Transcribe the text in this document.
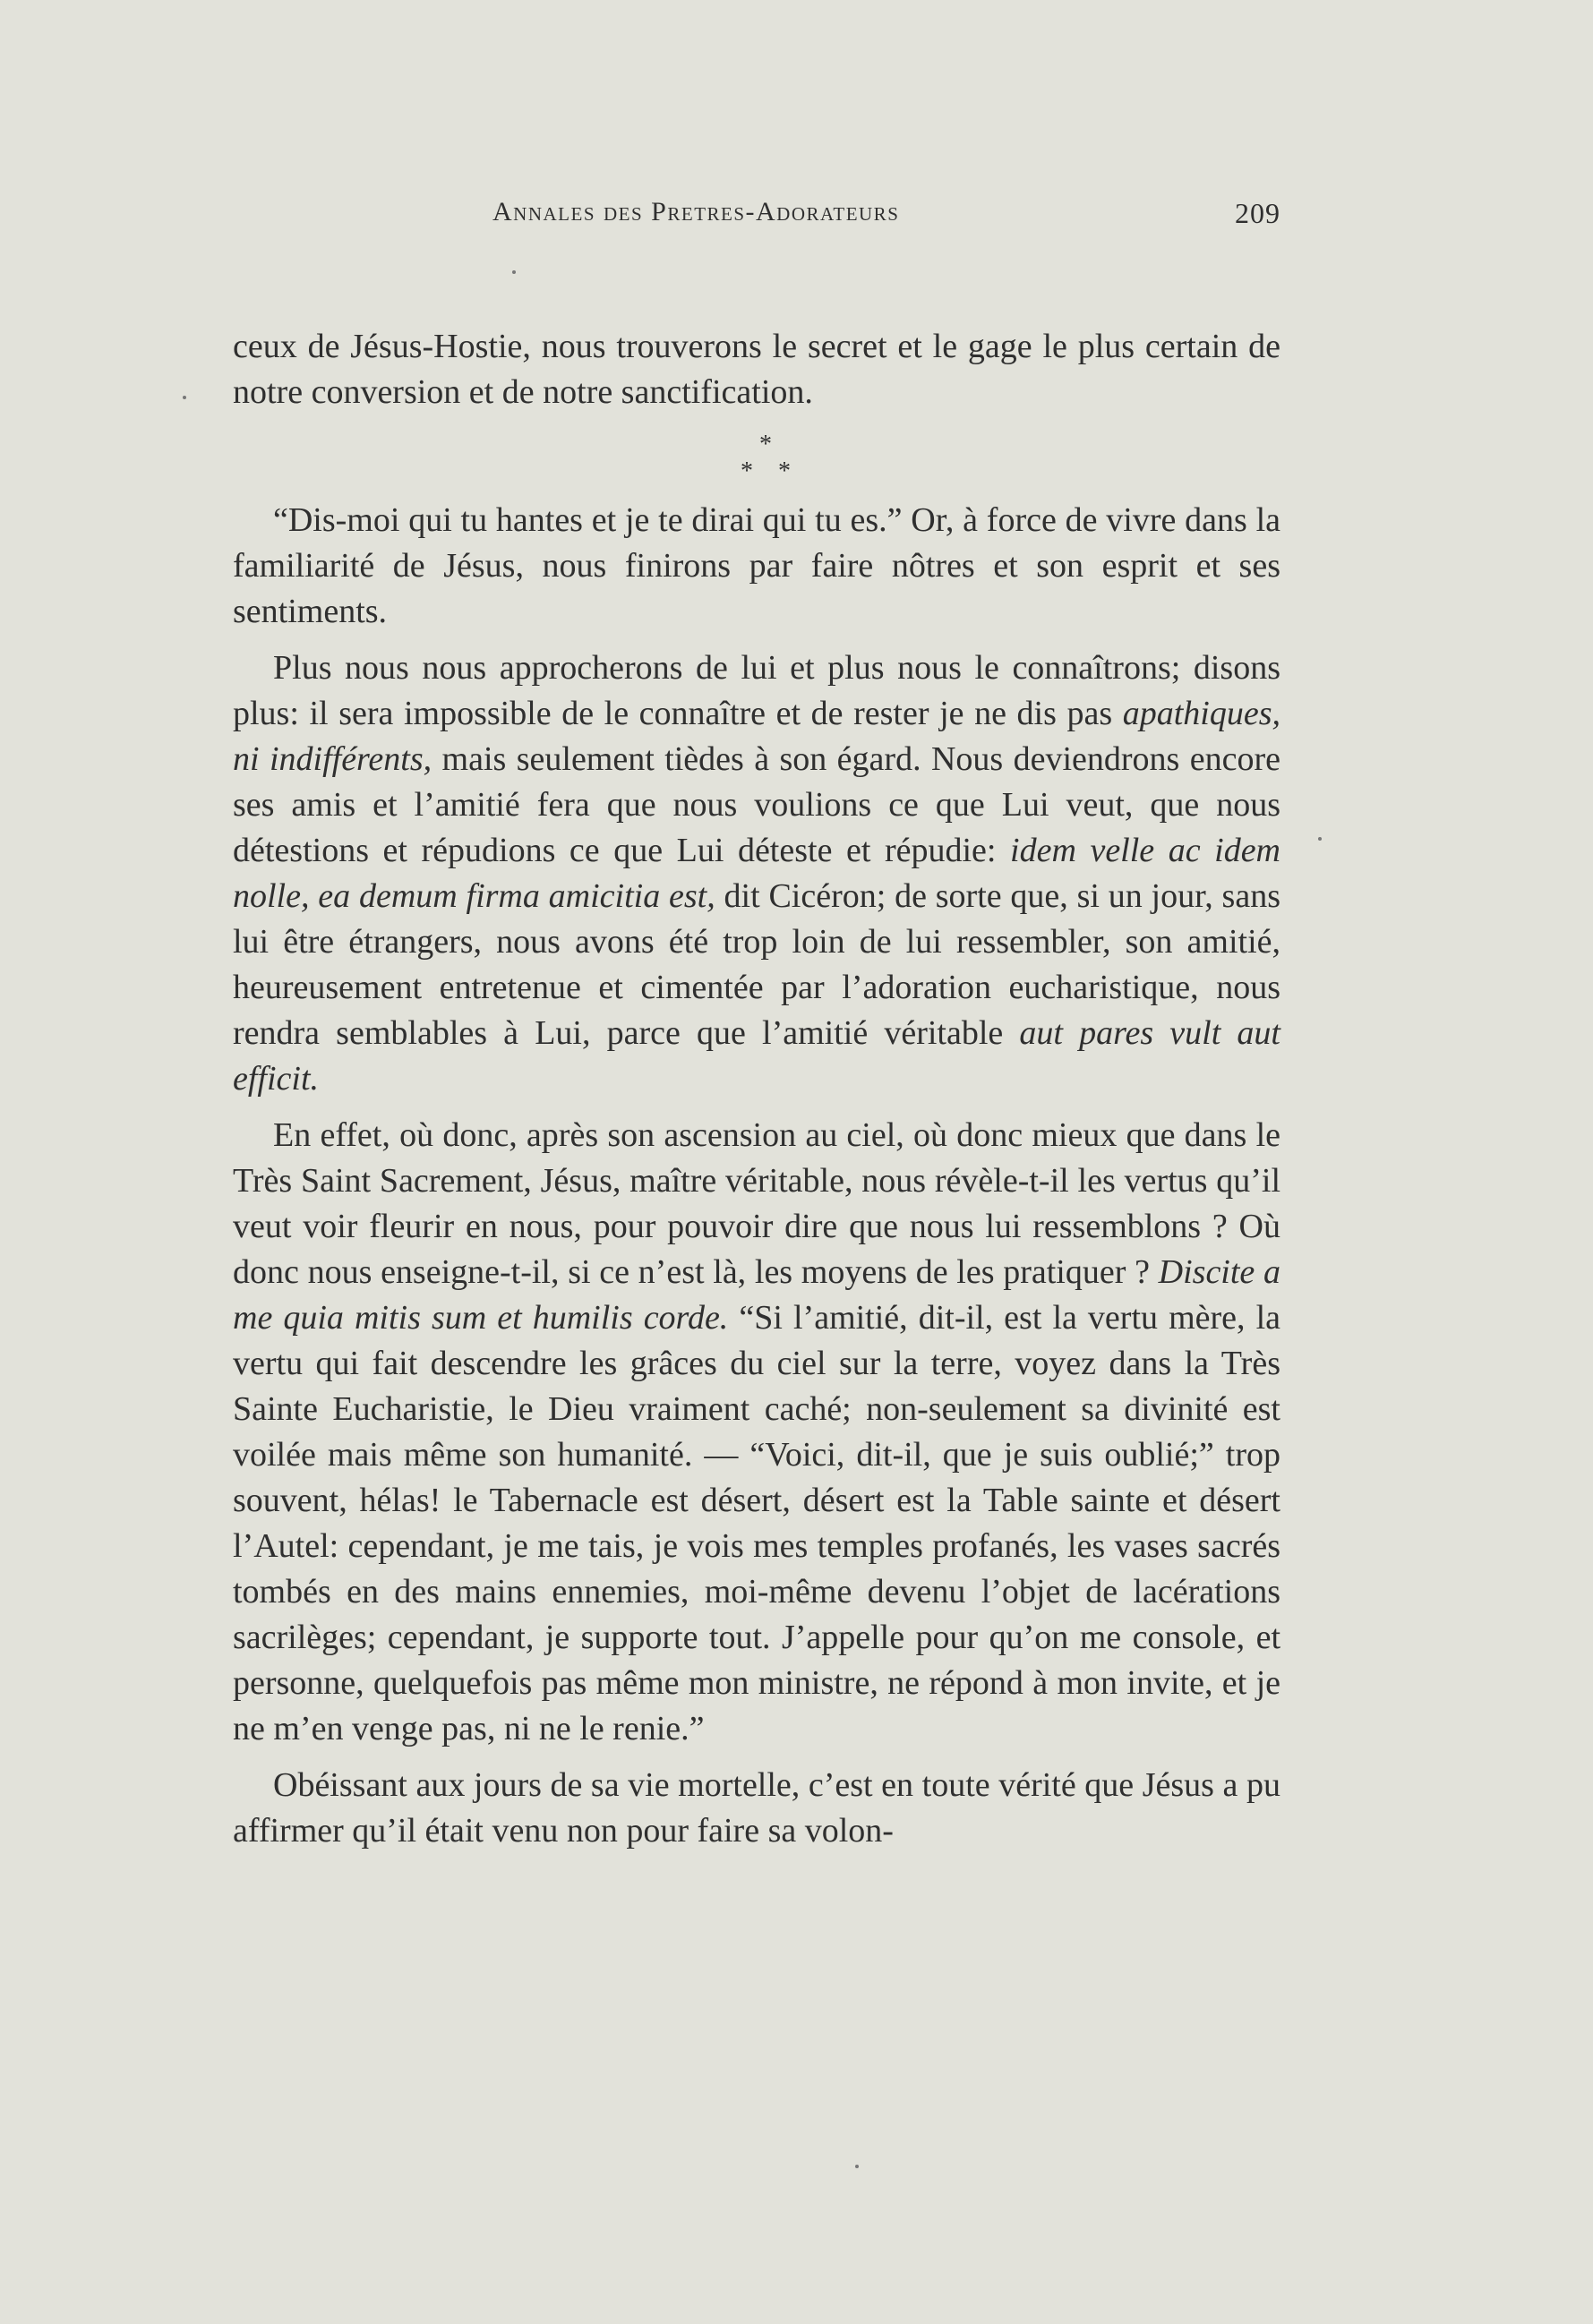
Annales des Pretres-Adorateurs	209

ceux de Jésus-Hostie, nous trouverons le secret et le gage le plus certain de notre conversion et de notre sanctification.

*
* *

“Dis-moi qui tu hantes et je te dirai qui tu es.” Or, à force de vivre dans la familiarité de Jésus, nous finirons par faire nôtres et son esprit et ses sentiments.

Plus nous nous approcherons de lui et plus nous le connaîtrons; disons plus: il sera impossible de le connaître et de rester je ne dis pas apathiques, ni indifférents, mais seulement tièdes à son égard. Nous deviendrons encore ses amis et l’amitié fera que nous voulions ce que Lui veut, que nous détestions et répudions ce que Lui déteste et répudie: idem velle ac idem nolle, ea demum firma amicitia est, dit Cicéron; de sorte que, si un jour, sans lui être étrangers, nous avons été trop loin de lui ressembler, son amitié, heureusement entretenue et cimentée par l’adoration eucharistique, nous rendra semblables à Lui, parce que l’amitié véritable aut pares vult aut efficit.

En effet, où donc, après son ascension au ciel, où donc mieux que dans le Très Saint Sacrement, Jésus, maître véritable, nous révèle-t-il les vertus qu’il veut voir fleurir en nous, pour pouvoir dire que nous lui ressemblons ? Où donc nous enseigne-t-il, si ce n’est là, les moyens de les pratiquer ? Discite a me quia mitis sum et humilis corde. “Si l’amitié, dit-il, est la vertu mère, la vertu qui fait descendre les grâces du ciel sur la terre, voyez dans la Très Sainte Eucharistie, le Dieu vraiment caché; non-seulement sa divinité est voilée mais même son humanité. — “Voici, dit-il, que je suis oublié;” trop souvent, hélas! le Tabernacle est désert, désert est la Table sainte et désert l’Autel: cependant, je me tais, je vois mes temples profanés, les vases sacrés tombés en des mains ennemies, moi-même devenu l’objet de lacérations sacrilèges; cependant, je supporte tout. J’appelle pour qu’on me console, et personne, quelquefois pas même mon ministre, ne répond à mon invite, et je ne m’en venge pas, ni ne le renie.”

Obéissant aux jours de sa vie mortelle, c’est en toute vérité que Jésus a pu affirmer qu’il était venu non pour faire sa volon-
